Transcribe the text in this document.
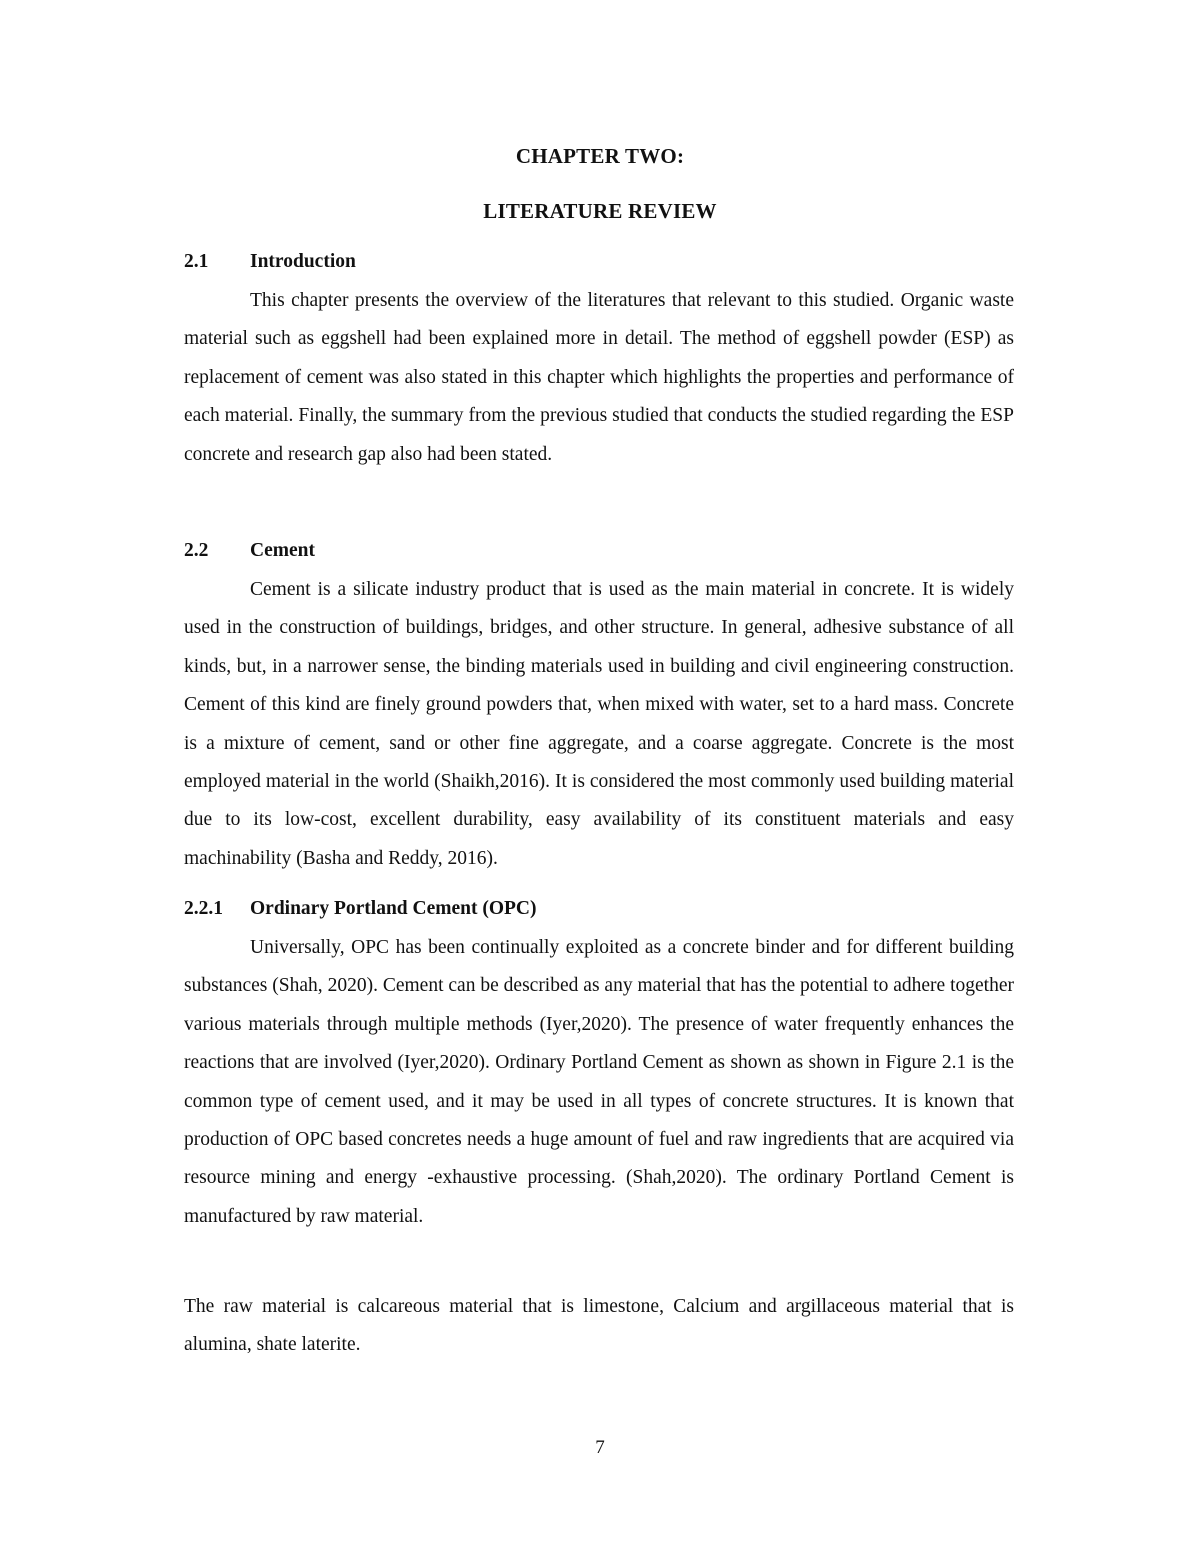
CHAPTER TWO:
LITERATURE REVIEW
2.1 Introduction
This chapter presents the overview of the literatures that relevant to this studied. Organic waste material such as eggshell had been explained more in detail. The method of eggshell powder (ESP) as replacement of cement was also stated in this chapter which highlights the properties and performance of each material. Finally, the summary from the previous studied that conducts the studied regarding the ESP concrete and research gap also had been stated.
2.2 Cement
Cement is a silicate industry product that is used as the main material in concrete. It is widely used in the construction of buildings, bridges, and other structure. In general, adhesive substance of all kinds, but, in a narrower sense, the binding materials used in building and civil engineering construction. Cement of this kind are finely ground powders that, when mixed with water, set to a hard mass. Concrete is a mixture of cement, sand or other fine aggregate, and a coarse aggregate. Concrete is the most employed material in the world (Shaikh,2016). It is considered the most commonly used building material due to its low-cost, excellent durability, easy availability of its constituent materials and easy machinability (Basha and Reddy, 2016).
2.2.1 Ordinary Portland Cement (OPC)
Universally, OPC has been continually exploited as a concrete binder and for different building substances (Shah, 2020). Cement can be described as any material that has the potential to adhere together various materials through multiple methods (Iyer,2020). The presence of water frequently enhances the reactions that are involved (Iyer,2020). Ordinary Portland Cement as shown as shown in Figure 2.1 is the common type of cement used, and it may be used in all types of concrete structures. It is known that production of OPC based concretes needs a huge amount of fuel and raw ingredients that are acquired via resource mining and energy -exhaustive processing. (Shah,2020). The ordinary Portland Cement is manufactured by raw material.
The raw material is calcareous material that is limestone, Calcium and argillaceous material that is alumina, shate laterite.
7
